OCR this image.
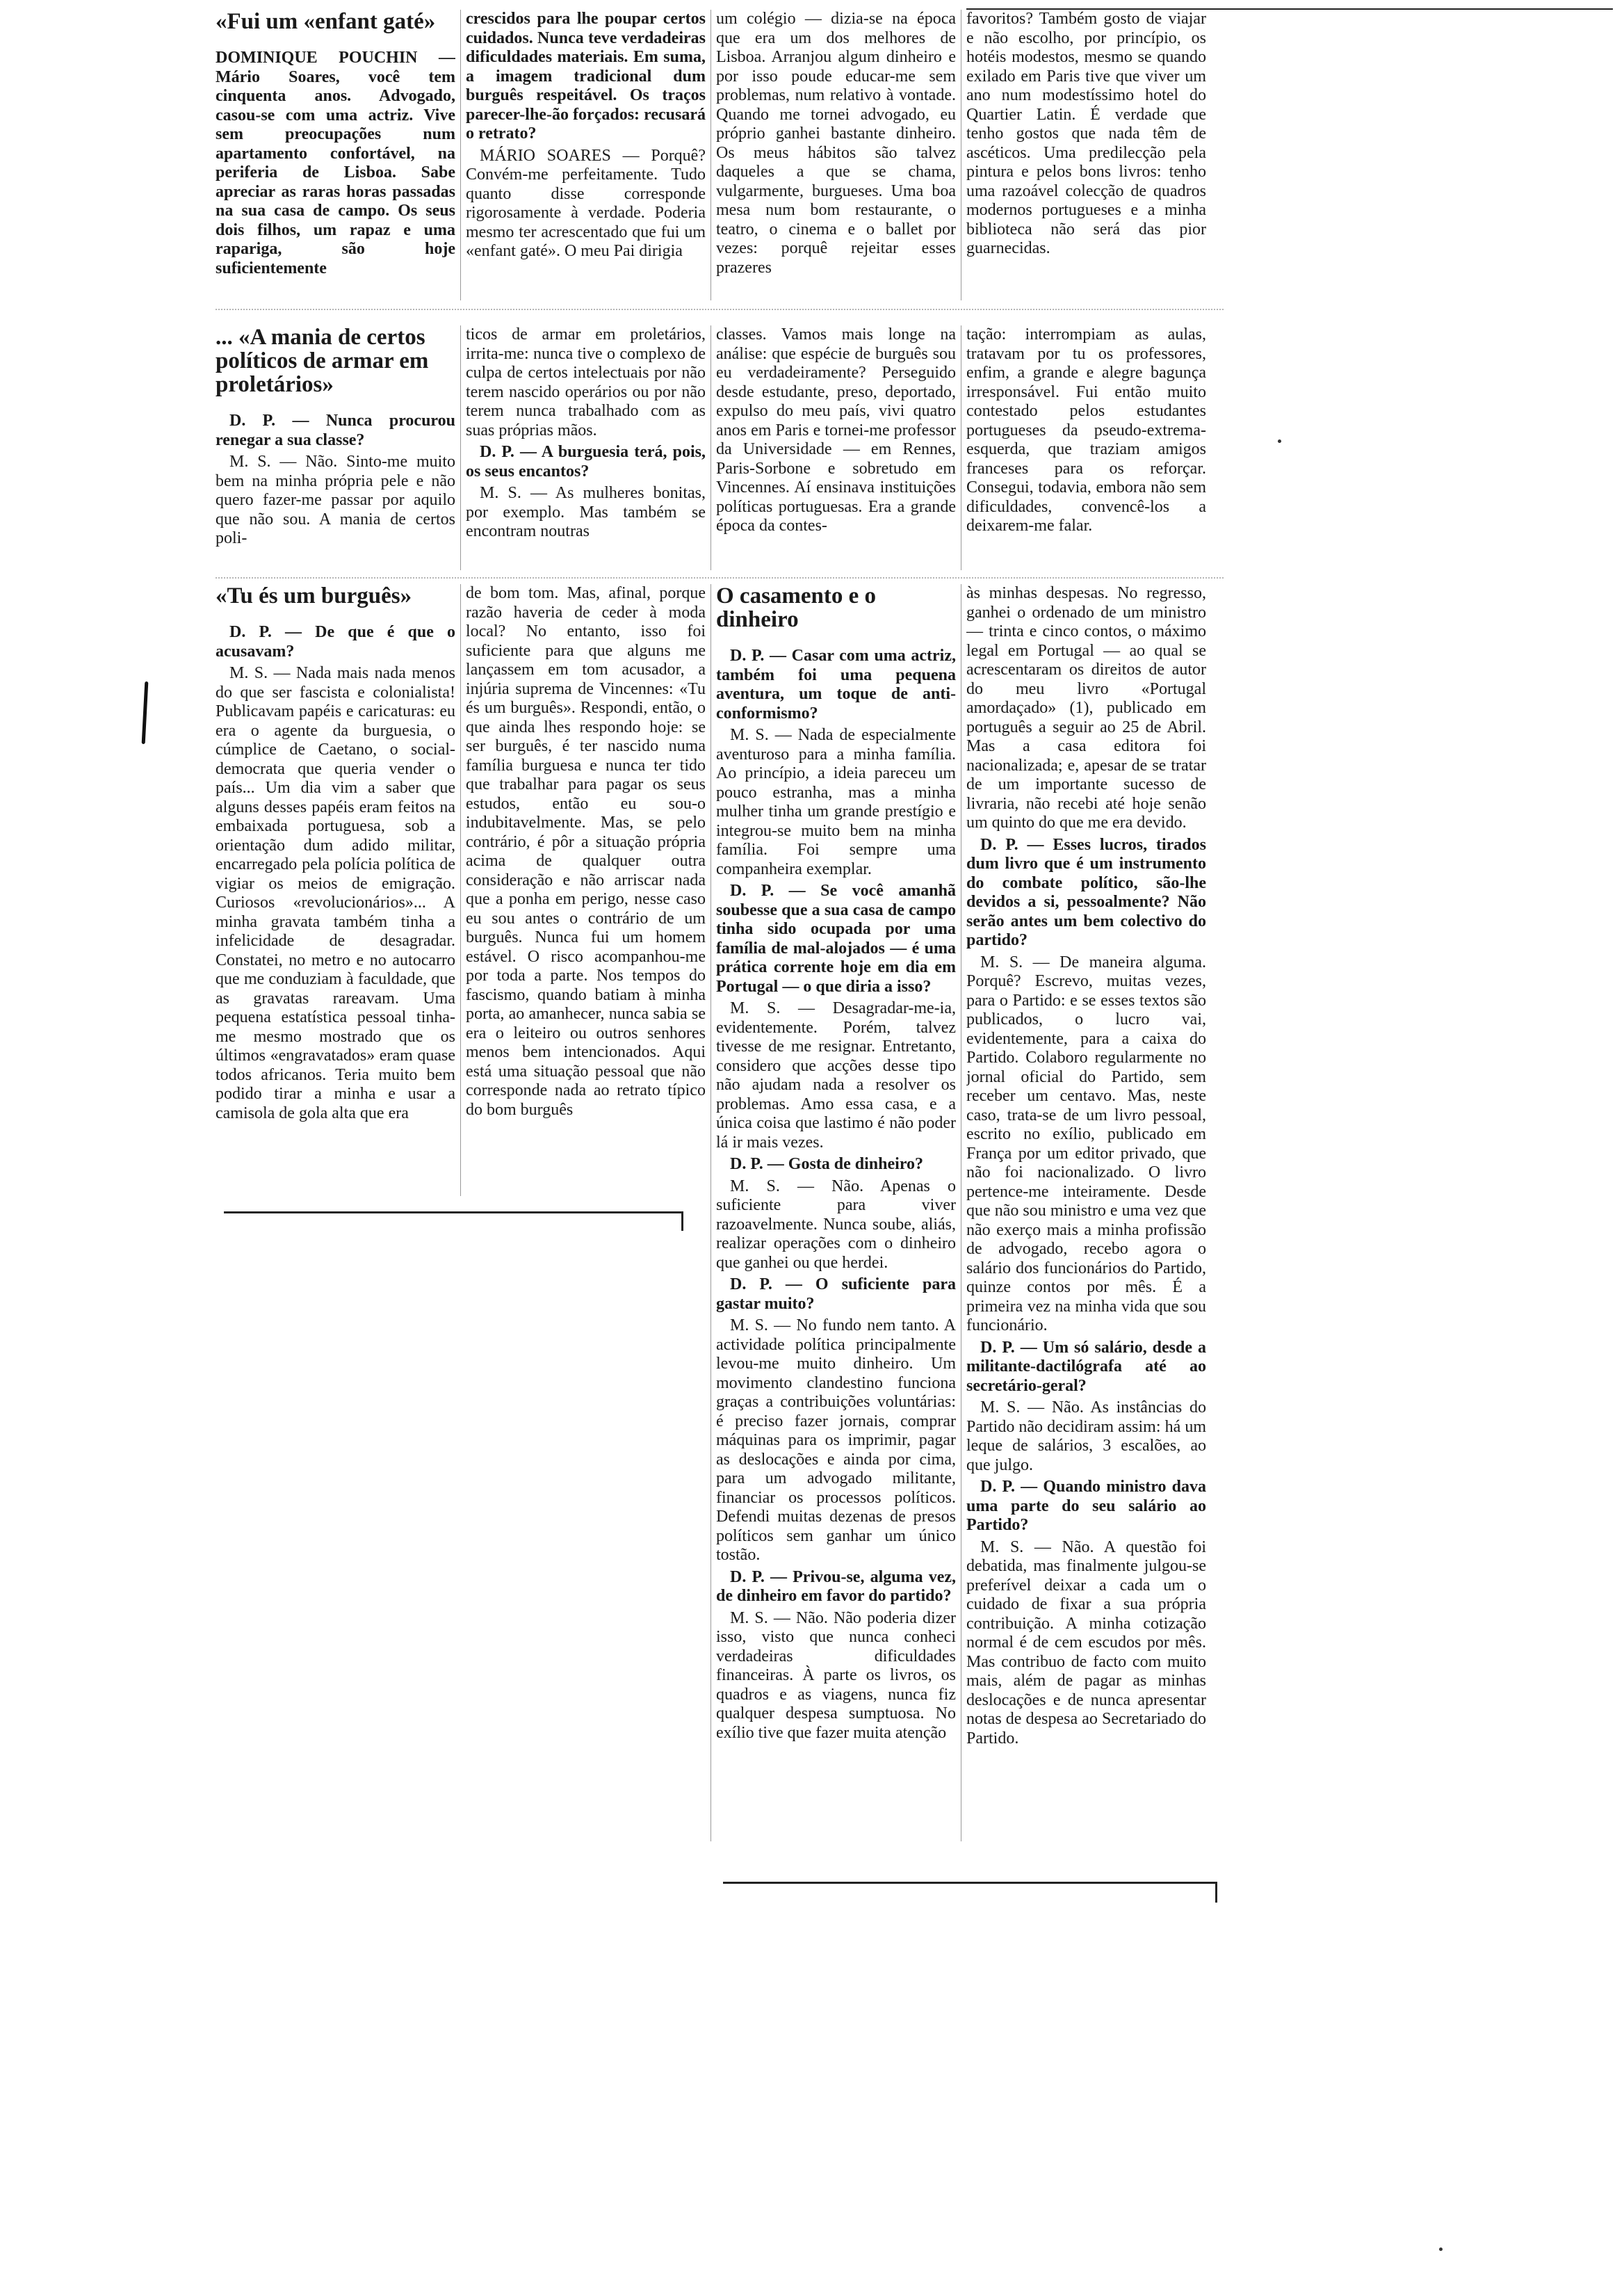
«Fui um «enfant gaté»

DOMINIQUE POUCHIN — Mário Soares, você tem cinquenta anos. Advogado, casou-se com uma actriz. Vive sem preocupações num apartamento confortável, na periferia de Lisboa. Sabe apreciar as raras horas passadas na sua casa de campo. Os seus dois filhos, um rapaz e uma rapariga, são hoje suficientemente

crescidos para lhe poupar certos cuidados. Nunca teve verdadeiras dificuldades materiais. Em suma, a imagem tradicional dum burguês respeitável. Os traços parecer-lhe-ão forçados: recusará o retrato?

MÁRIO SOARES — Porquê? Convém-me perfeitamente. Tudo quanto disse corresponde rigorosamente à verdade. Poderia mesmo ter acrescentado que fui um «enfant gaté». O meu Pai dirigia

um colégio — dizia-se na época que era um dos melhores de Lisboa. Arranjou algum dinheiro e por isso poude educar-me sem problemas, num relativo à vontade. Quando me tornei advogado, eu próprio ganhei bastante dinheiro. Os meus hábitos são talvez daqueles a que se chama, vulgarmente, burgueses. Uma boa mesa num bom restaurante, o teatro, o cinema e o ballet por vezes: porquê rejeitar esses prazeres

favoritos? Também gosto de viajar e não escolho, por princípio, os hotéis modestos, mesmo se quando exilado em Paris tive que viver um ano num modestíssimo hotel do Quartier Latin. É verdade que tenho gostos que nada têm de ascéticos. Uma predilecção pela pintura e pelos bons livros: tenho uma razoável colecção de quadros modernos portugueses e a minha biblioteca não será das pior guarnecidas.

... «A mania de certos políticos de armar em proletários»

D. P. — Nunca procurou renegar a sua classe?

M. S. — Não. Sinto-me muito bem na minha própria pele e não quero fazer-me passar por aquilo que não sou. A mania de certos poli-

ticos de armar em proletários, irrita-me: nunca tive o complexo de culpa de certos intelectuais por não terem nascido operários ou por não terem nunca trabalhado com as suas próprias mãos.

D. P. — A burguesia terá, pois, os seus encantos?

M. S. — As mulheres bonitas, por exemplo. Mas também se encontram noutras

classes. Vamos mais longe na análise: que espécie de burguês sou eu verdadeiramente? Perseguido desde estudante, preso, deportado, expulso do meu país, vivi quatro anos em Paris e tornei-me professor da Universidade — em Rennes, Paris-Sorbone e sobretudo em Vincennes. Aí ensinava instituições políticas portuguesas. Era a grande época da contes-

tação: interrompiam as aulas, tratavam por tu os professores, enfim, a grande e alegre bagunça irresponsável. Fui então muito contestado pelos estudantes portugueses da pseudo-extrema-esquerda, que traziam amigos franceses para os reforçar. Consegui, todavia, embora não sem dificuldades, convencê-los a deixarem-me falar.

«Tu és um burguês»

D. P. — De que é que o acusavam?

M. S. — Nada mais nada menos do que ser fascista e colonialista! Publicavam papéis e caricaturas: eu era o agente da burguesia, o cúmplice de Caetano, o social-democrata que queria vender o país... Um dia vim a saber que alguns desses papéis eram feitos na embaixada portuguesa, sob a orientação dum adido militar, encarregado pela polícia política de vigiar os meios de emigração. Curiosos «revolucionários»... A minha gravata também tinha a infelicidade de desagradar. Constatei, no metro e no autocarro que me conduziam à faculdade, que as gravatas rareavam. Uma pequena estatística pessoal tinha-me mesmo mostrado que os últimos «engravatados» eram quase todos africanos. Teria muito bem podido tirar a minha e usar a camisola de gola alta que era

de bom tom. Mas, afinal, porque razão haveria de ceder à moda local? No entanto, isso foi suficiente para que alguns me lançassem em tom acusador, a injúria suprema de Vincennes: «Tu és um burguês». Respondi, então, o que ainda lhes respondo hoje: se ser burguês, é ter nascido numa família burguesa e nunca ter tido que trabalhar para pagar os seus estudos, então eu sou-o indubitavelmente. Mas, se pelo contrário, é pôr a situação própria acima de qualquer outra consideração e não arriscar nada que a ponha em perigo, nesse caso eu sou antes o contrário de um burguês. Nunca fui um homem estável. O risco acompanhou-me por toda a parte. Nos tempos do fascismo, quando batiam à minha porta, ao amanhecer, nunca sabia se era o leiteiro ou outros senhores menos bem intencionados. Aqui está uma situação pessoal que não corresponde nada ao retrato típico do bom burguês

O casamento e o dinheiro

D. P. — Casar com uma actriz, também foi uma pequena aventura, um toque de anti-conformismo?

M. S. — Nada de especialmente aventuroso para a minha família. Ao princípio, a ideia pareceu um pouco estranha, mas a minha mulher tinha um grande prestígio e integrou-se muito bem na minha família. Foi sempre uma companheira exemplar.

D. P. — Se você amanhã soubesse que a sua casa de campo tinha sido ocupada por uma família de mal-alojados — é uma prática corrente hoje em dia em Portugal — o que diria a isso?

M. S. — Desagradar-me-ia, evidentemente. Porém, talvez tivesse de me resignar. Entretanto, considero que acções desse tipo não ajudam nada a resolver os problemas. Amo essa casa, e a única coisa que lastimo é não poder lá ir mais vezes.

D. P. — Gosta de dinheiro?

M. S. — Não. Apenas o suficiente para viver razoavelmente. Nunca soube, aliás, realizar operações com o dinheiro que ganhei ou que herdei.

D. P. — O suficiente para gastar muito?

M. S. — No fundo nem tanto. A actividade política principalmente levou-me muito dinheiro. Um movimento clandestino funciona graças a contribuições voluntárias: é preciso fazer jornais, comprar máquinas para os imprimir, pagar as deslocações e ainda por cima, para um advogado militante, financiar os processos políticos. Defendi muitas dezenas de presos políticos sem ganhar um único tostão.

D. P. — Privou-se, alguma vez, de dinheiro em favor do partido?

M. S. — Não. Não poderia dizer isso, visto que nunca conheci verdadeiras dificuldades financeiras. À parte os livros, os quadros e as viagens, nunca fiz qualquer despesa sumptuosa. No exílio tive que fazer muita atenção

às minhas despesas. No regresso, ganhei o ordenado de um ministro — trinta e cinco contos, o máximo legal em Portugal — ao qual se acrescentaram os direitos de autor do meu livro «Portugal amordaçado» (1), publicado em português a seguir ao 25 de Abril. Mas a casa editora foi nacionalizada; e, apesar de se tratar de um importante sucesso de livraria, não recebi até hoje senão um quinto do que me era devido.

D. P. — Esses lucros, tirados dum livro que é um instrumento do combate político, são-lhe devidos a si, pessoalmente? Não serão antes um bem colectivo do partido?

M. S. — De maneira alguma. Porquê? Escrevo, muitas vezes, para o Partido: e se esses textos são publicados, o lucro vai, evidentemente, para a caixa do Partido. Colaboro regularmente no jornal oficial do Partido, sem receber um centavo. Mas, neste caso, trata-se de um livro pessoal, escrito no exílio, publicado em França por um editor privado, que não foi nacionalizado. O livro pertence-me inteiramente. Desde que não sou ministro e uma vez que não exerço mais a minha profissão de advogado, recebo agora o salário dos funcionários do Partido, quinze contos por mês. É a primeira vez na minha vida que sou funcionário.

D. P. — Um só salário, desde a militante-dactilógrafa até ao secretário-geral?

M. S. — Não. As instâncias do Partido não decidiram assim: há um leque de salários, 3 escalões, ao que julgo.

D. P. — Quando ministro dava uma parte do seu salário ao Partido?

M. S. — Não. A questão foi debatida, mas finalmente julgou-se preferível deixar a cada um o cuidado de fixar a sua própria contribuição. A minha cotização normal é de cem escudos por mês. Mas contribuo de facto com muito mais, além de pagar as minhas deslocações e de nunca apresentar notas de despesa ao Secretariado do Partido.
